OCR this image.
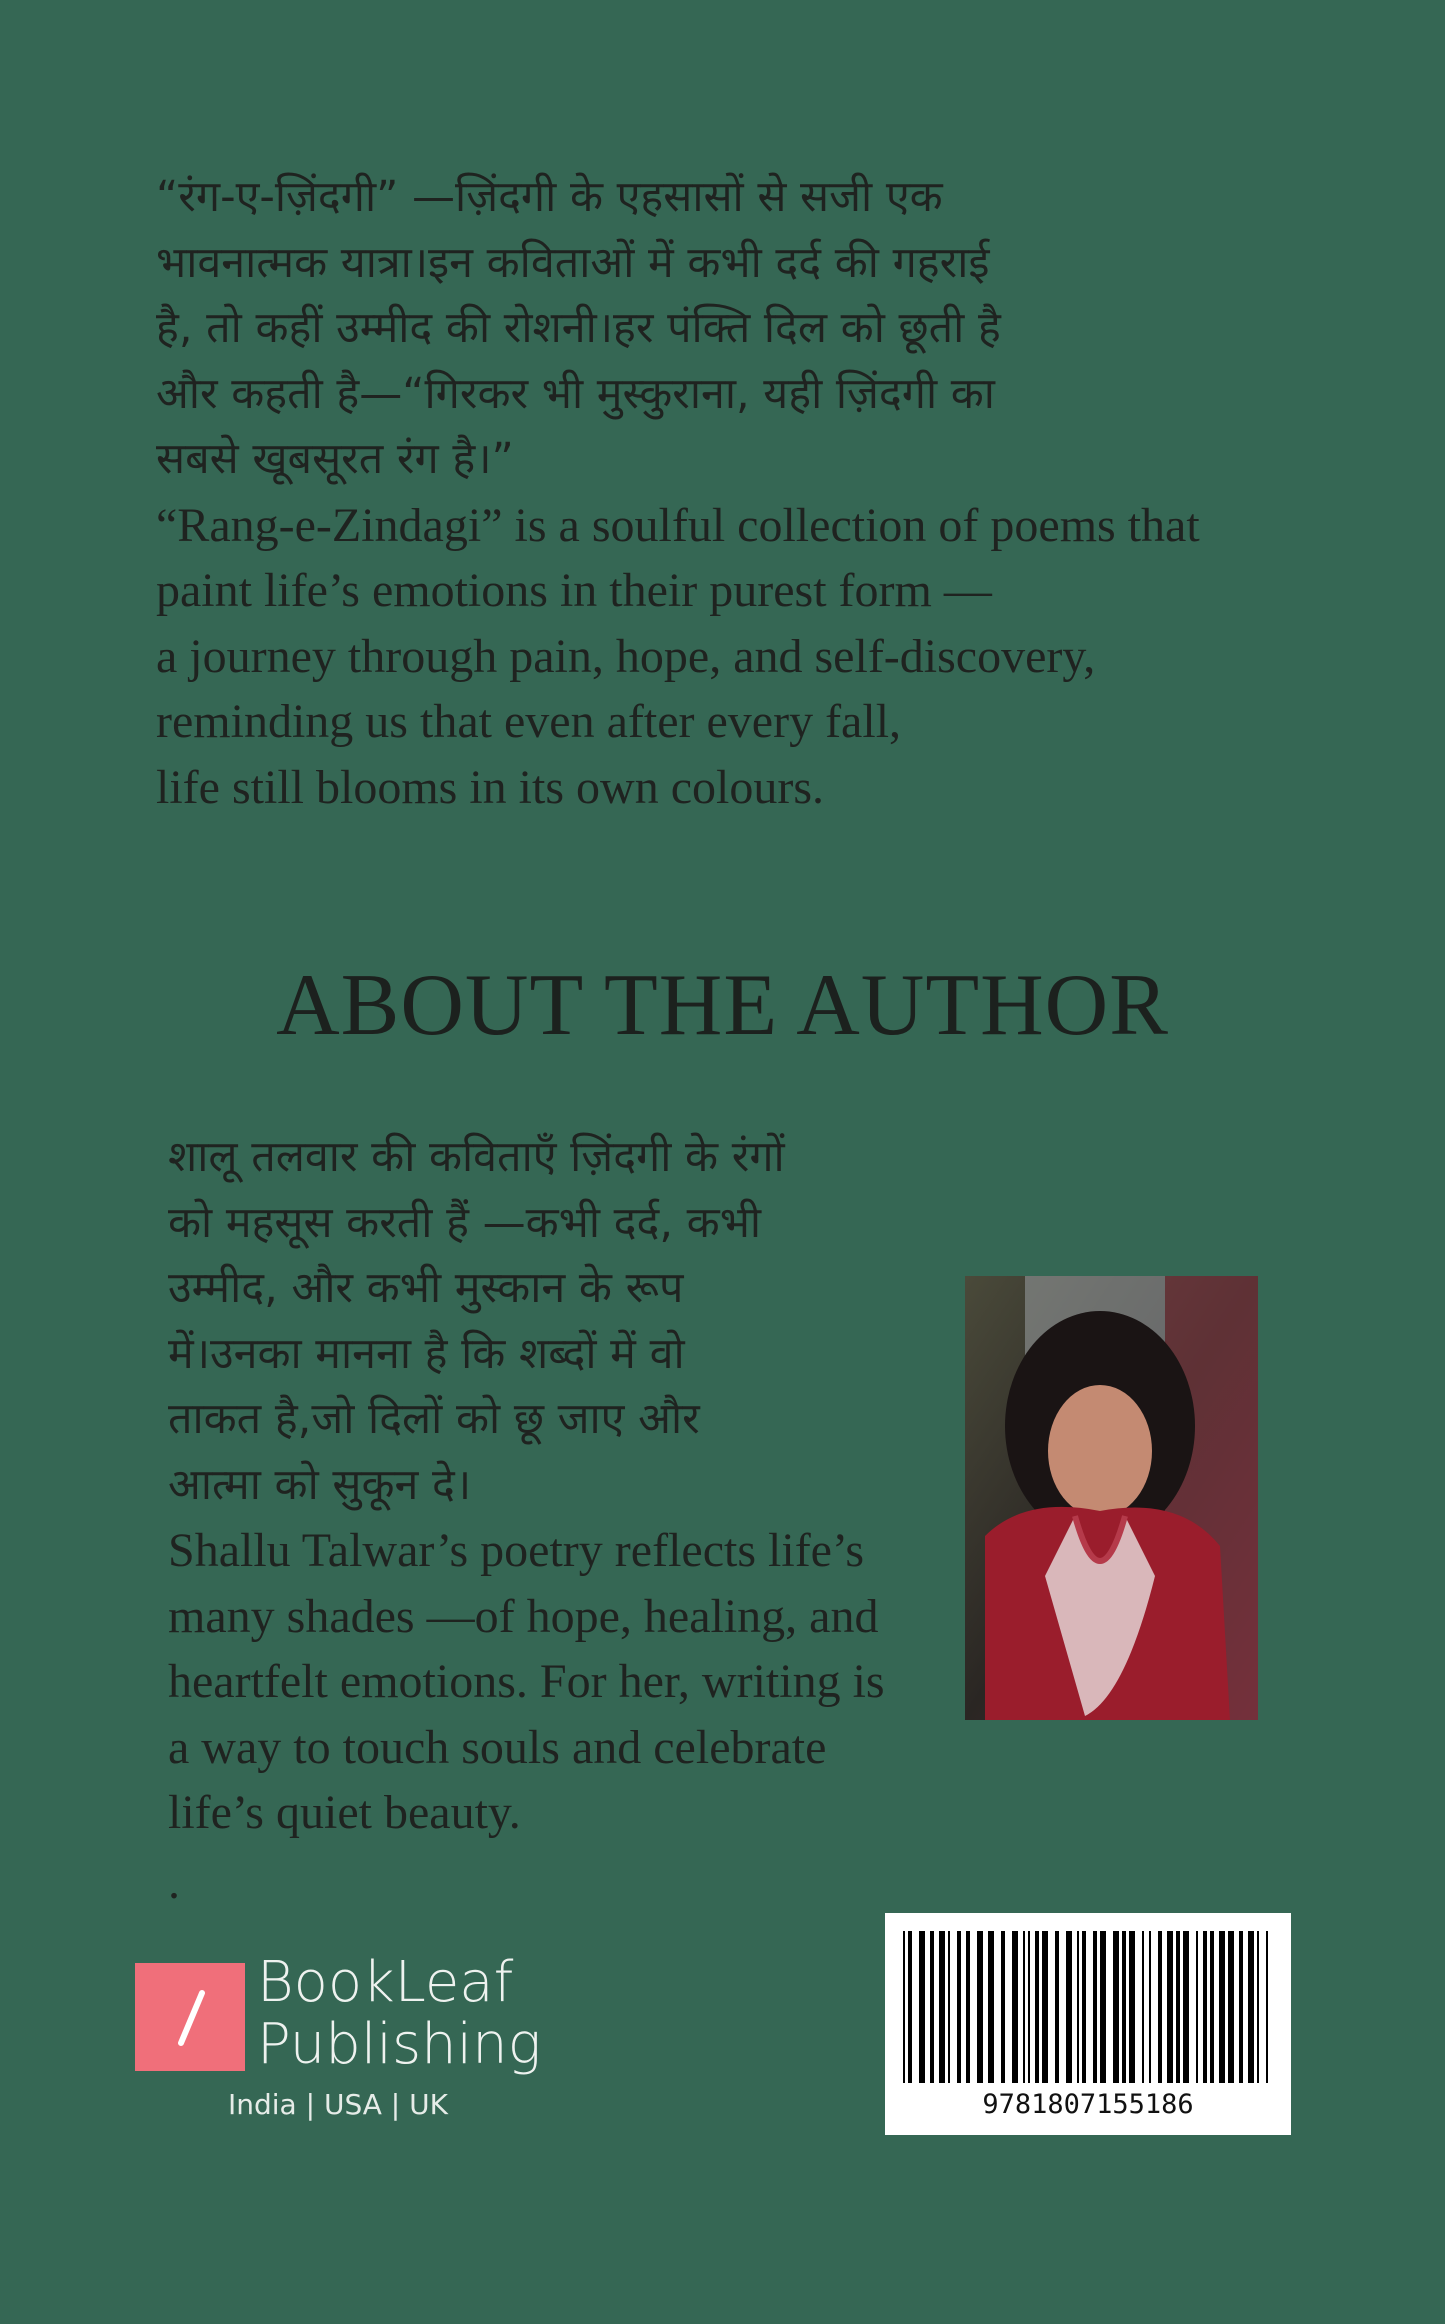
“रंग-ए-ज़िंदगी” —ज़िंदगी के एहसासों से सजी एक

भावनात्मक यात्रा।इन कविताओं में कभी दर्द की गहराई

है, तो कहीं उम्मीद की रोशनी।हर पंक्ति दिल को छूती है

और कहती है—“गिरकर भी मुस्कुराना, यही ज़िंदगी का

सबसे खूबसूरत रंग है।”

“Rang-e-Zindagi” is a soulful collection of poems that

paint life’s emotions in their purest form —

a journey through pain, hope, and self-discovery,

reminding us that even after every fall,

life still blooms in its own colours.

ABOUT THE AUTHOR

शालू तलवार की कविताएँ ज़िंदगी के रंगों

को महसूस करती हैं —कभी दर्द, कभी

उम्मीद, और कभी मुस्कान के रूप

में।उनका मानना है कि शब्दों में वो

ताकत है,जो दिलों को छू जाए और

आत्मा को सुकून दे।

Shallu Talwar’s poetry reflects life’s

many shades —of hope, healing, and

heartfelt emotions. For her, writing is

a way to touch souls and celebrate

life’s quiet beauty.

.

BookLeaf
Publishing
India | USA | UK	9781807155186
